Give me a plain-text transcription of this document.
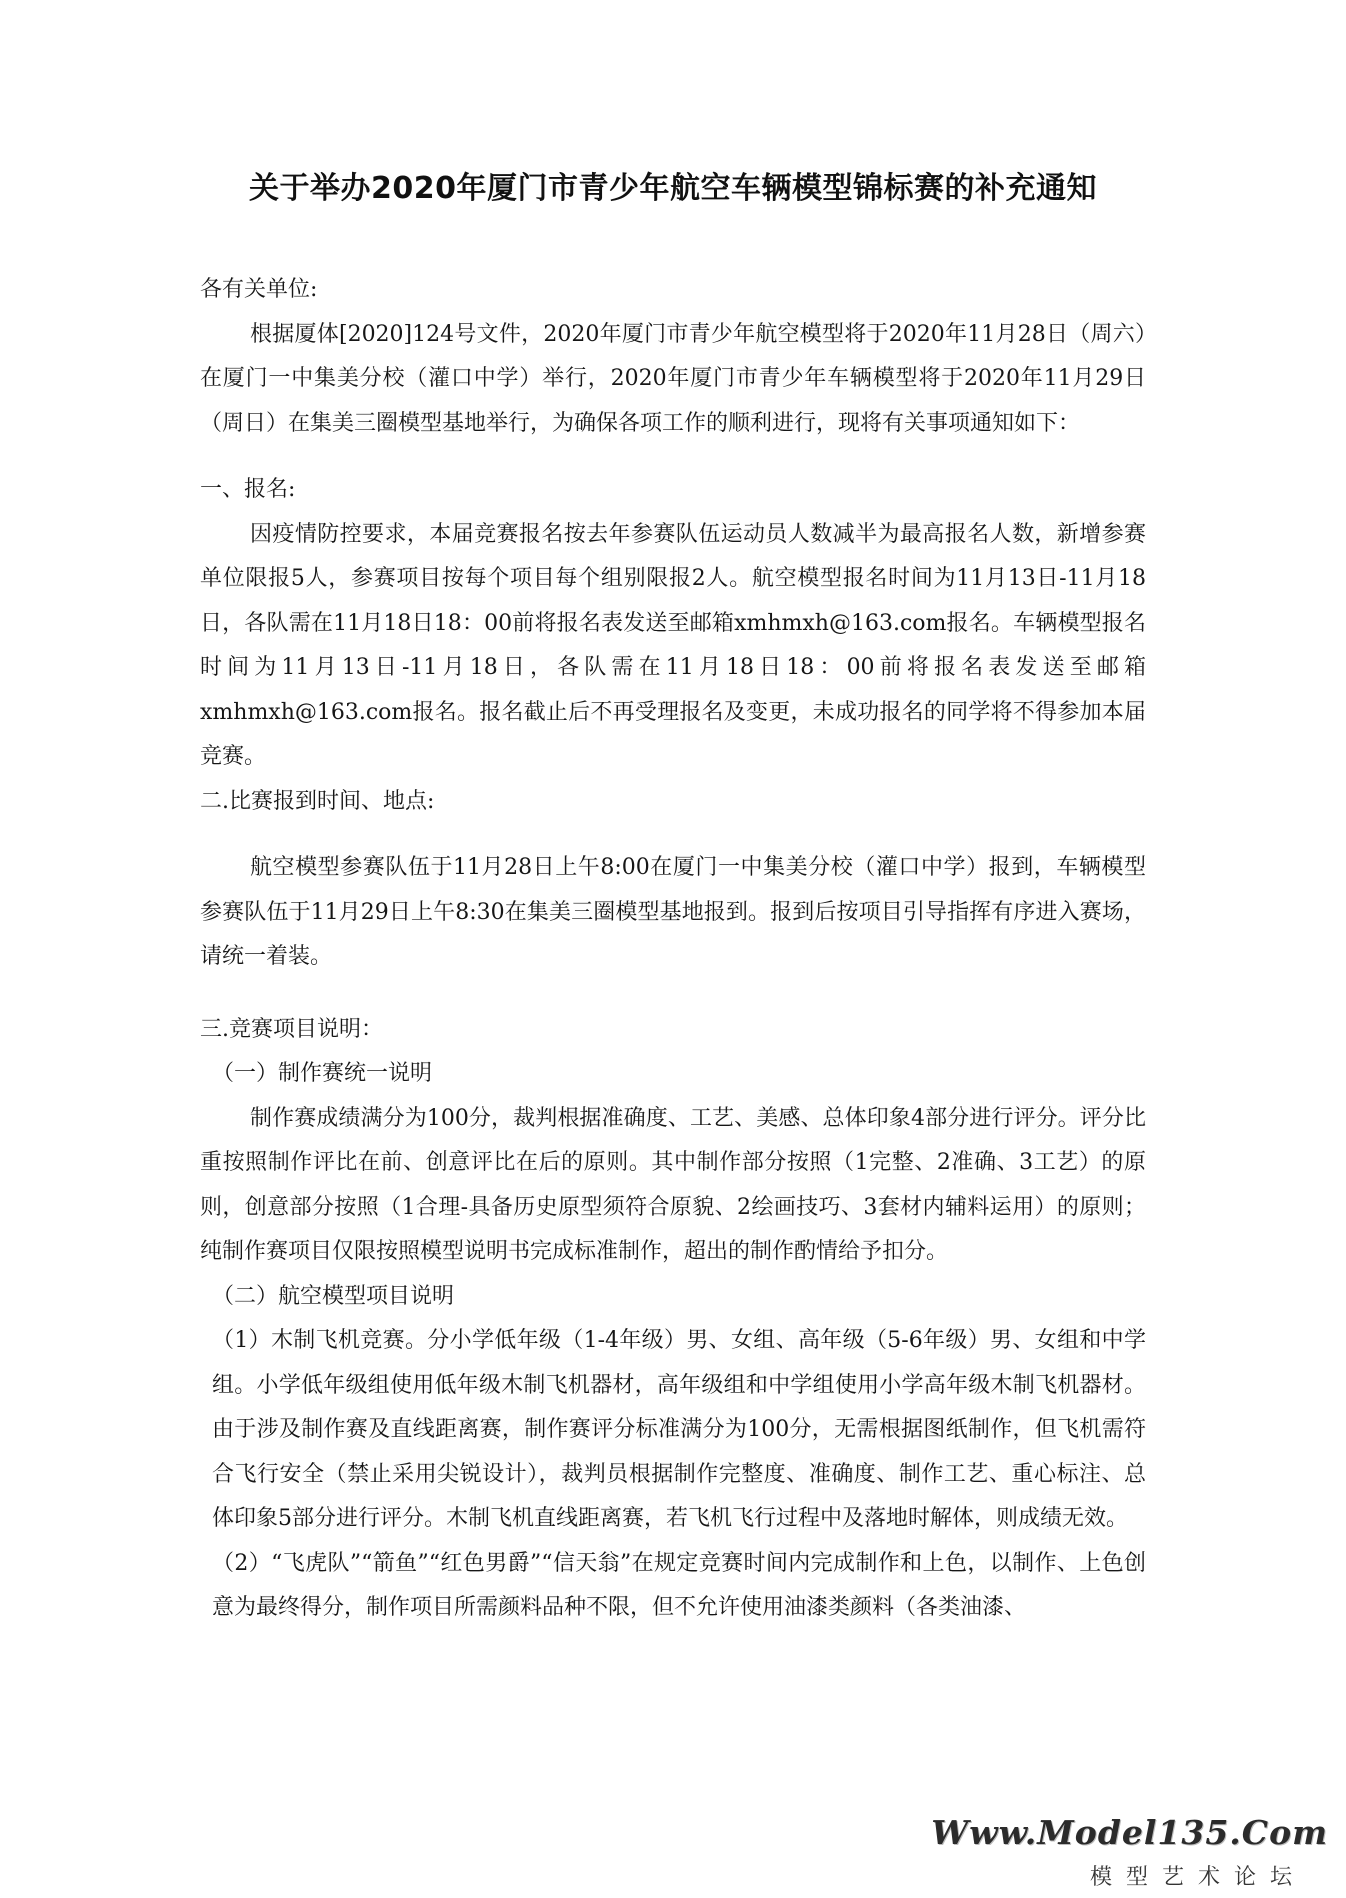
关于举办2020年厦门市青少年航空车辆模型锦标赛的补充通知

各有关单位:

根据厦体[2020]124号文件，2020年厦门市青少年航空模型将于2020年11月28日（周六）在厦门一中集美分校（灌口中学）举行，2020年厦门市青少年车辆模型将于2020年11月29日（周日）在集美三圈模型基地举行，为确保各项工作的顺利进行，现将有关事项通知如下：

一、报名:

因疫情防控要求，本届竞赛报名按去年参赛队伍运动员人数减半为最高报名人数，新增参赛单位限报5人，参赛项目按每个项目每个组别限报2人。航空模型报名时间为11月13日-11月18日，各队需在11月18日18：00前将报名表发送至邮箱xmhmxh@163.com报名。车辆模型报名时间为11月13日-11月18日，各队需在11月18日18：00前将报名表发送至邮箱xmhmxh@163.com报名。报名截止后不再受理报名及变更，未成功报名的同学将不得参加本届竞赛。

二.比赛报到时间、地点:

航空模型参赛队伍于11月28日上午8:00在厦门一中集美分校（灌口中学）报到，车辆模型参赛队伍于11月29日上午8:30在集美三圈模型基地报到。报到后按项目引导指挥有序进入赛场，请统一着装。

三.竞赛项目说明：

（一）制作赛统一说明

制作赛成绩满分为100分，裁判根据准确度、工艺、美感、总体印象4部分进行评分。评分比重按照制作评比在前、创意评比在后的原则。其中制作部分按照（1完整、2准确、3工艺）的原则，创意部分按照（1合理-具备历史原型须符合原貌、2绘画技巧、3套材内辅料运用）的原则；纯制作赛项目仅限按照模型说明书完成标准制作，超出的制作酌情给予扣分。

（二）航空模型项目说明

（1）木制飞机竞赛。分小学低年级（1-4年级）男、女组、高年级（5-6年级）男、女组和中学组。小学低年级组使用低年级木制飞机器材，高年级组和中学组使用小学高年级木制飞机器材。由于涉及制作赛及直线距离赛，制作赛评分标准满分为100分，无需根据图纸制作，但飞机需符合飞行安全（禁止采用尖锐设计），裁判员根据制作完整度、准确度、制作工艺、重心标注、总体印象5部分进行评分。木制飞机直线距离赛，若飞机飞行过程中及落地时解体，则成绩无效。

（2）“飞虎队”“箭鱼”“红色男爵”“信天翁”在规定竞赛时间内完成制作和上色，以制作、上色创意为最终得分，制作项目所需颜料品种不限，但不允许使用油漆类颜料（各类油漆、

Www.Model135.Com
模型艺术论坛
